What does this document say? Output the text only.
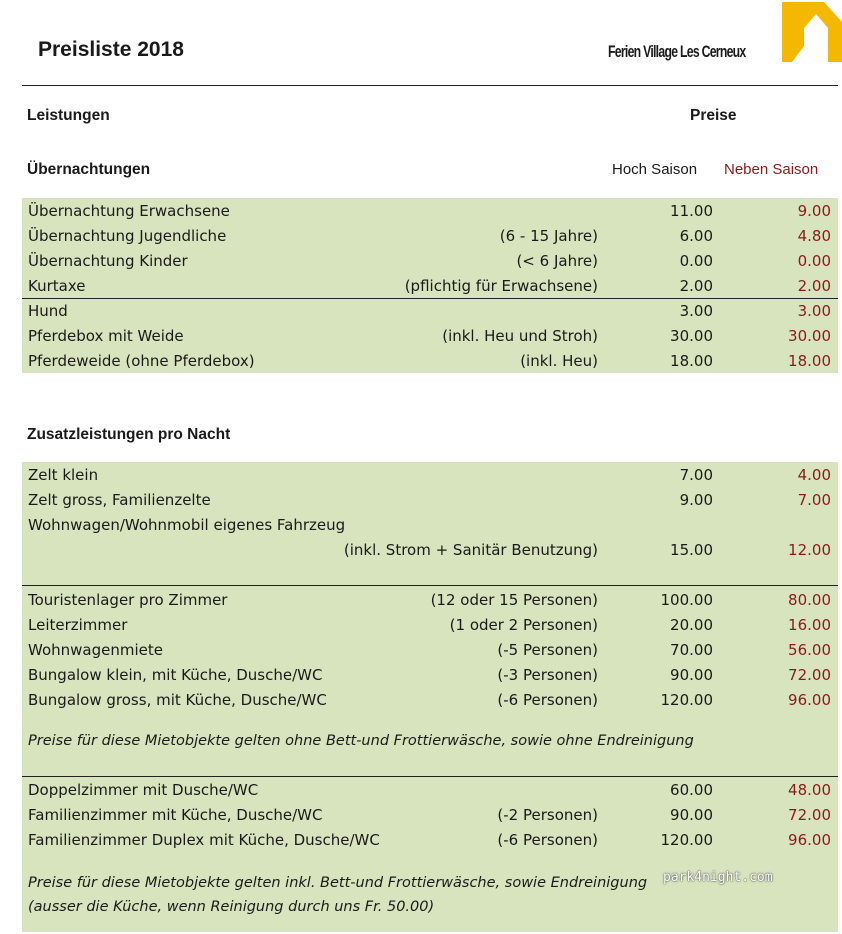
Preisliste 2018	Ferien Village Les Cerneux
Leistungen	Preise
Übernachtungen	Hoch Saison Neben Saison
Übernachtung Erwachsene	11.00	9.00
Übernachtung Jugendliche	(6 - 15 Jahre)	6.00	4.80
Übernachtung Kinder	(< 6 Jahre)	0.00	0.00
Kurtaxe	(pflichtig für Erwachsene)	2.00	2.00
Hund	3.00	3.00
Pferdebox mit Weide	(inkl. Heu und Stroh)	30.00	30.00
Pferdeweide (ohne Pferdebox)	(inkl. Heu)	18.00	18.00
Zusatzleistungen pro Nacht
Zelt klein	7.00	4.00
Zelt gross, Familienzelte	9.00	7.00
Wohnwagen/Wohnmobil eigenes Fahrzeug
(inkl. Strom + Sanitär Benutzung)	15.00	12.00
Touristenlager pro Zimmer	(12 oder 15 Personen)	100.00	80.00
Leiterzimmer	(1 oder 2 Personen)	20.00	16.00
Wohnwagenmiete	(-5 Personen)	70.00	56.00
Bungalow klein, mit Küche, Dusche/WC	(-3 Personen)	90.00	72.00
Bungalow gross, mit Küche, Dusche/WC	(-6 Personen)	120.00	96.00
Preise für diese Mietobjekte gelten ohne Bett-und Frottierwäsche, sowie ohne Endreinigung
Doppelzimmer mit Dusche/WC	60.00	48.00
Familienzimmer mit Küche, Dusche/WC	(-2 Personen)	90.00	72.00
Familienzimmer Duplex mit Küche, Dusche/WC	(-6 Personen)	120.00	96.00
Preise für diese Mietobjekte gelten inkl. Bett-und Frottierwäsche, sowie Endreinigung
(ausser die Küche, wenn Reinigung durch uns Fr. 50.00)
park4night.com
